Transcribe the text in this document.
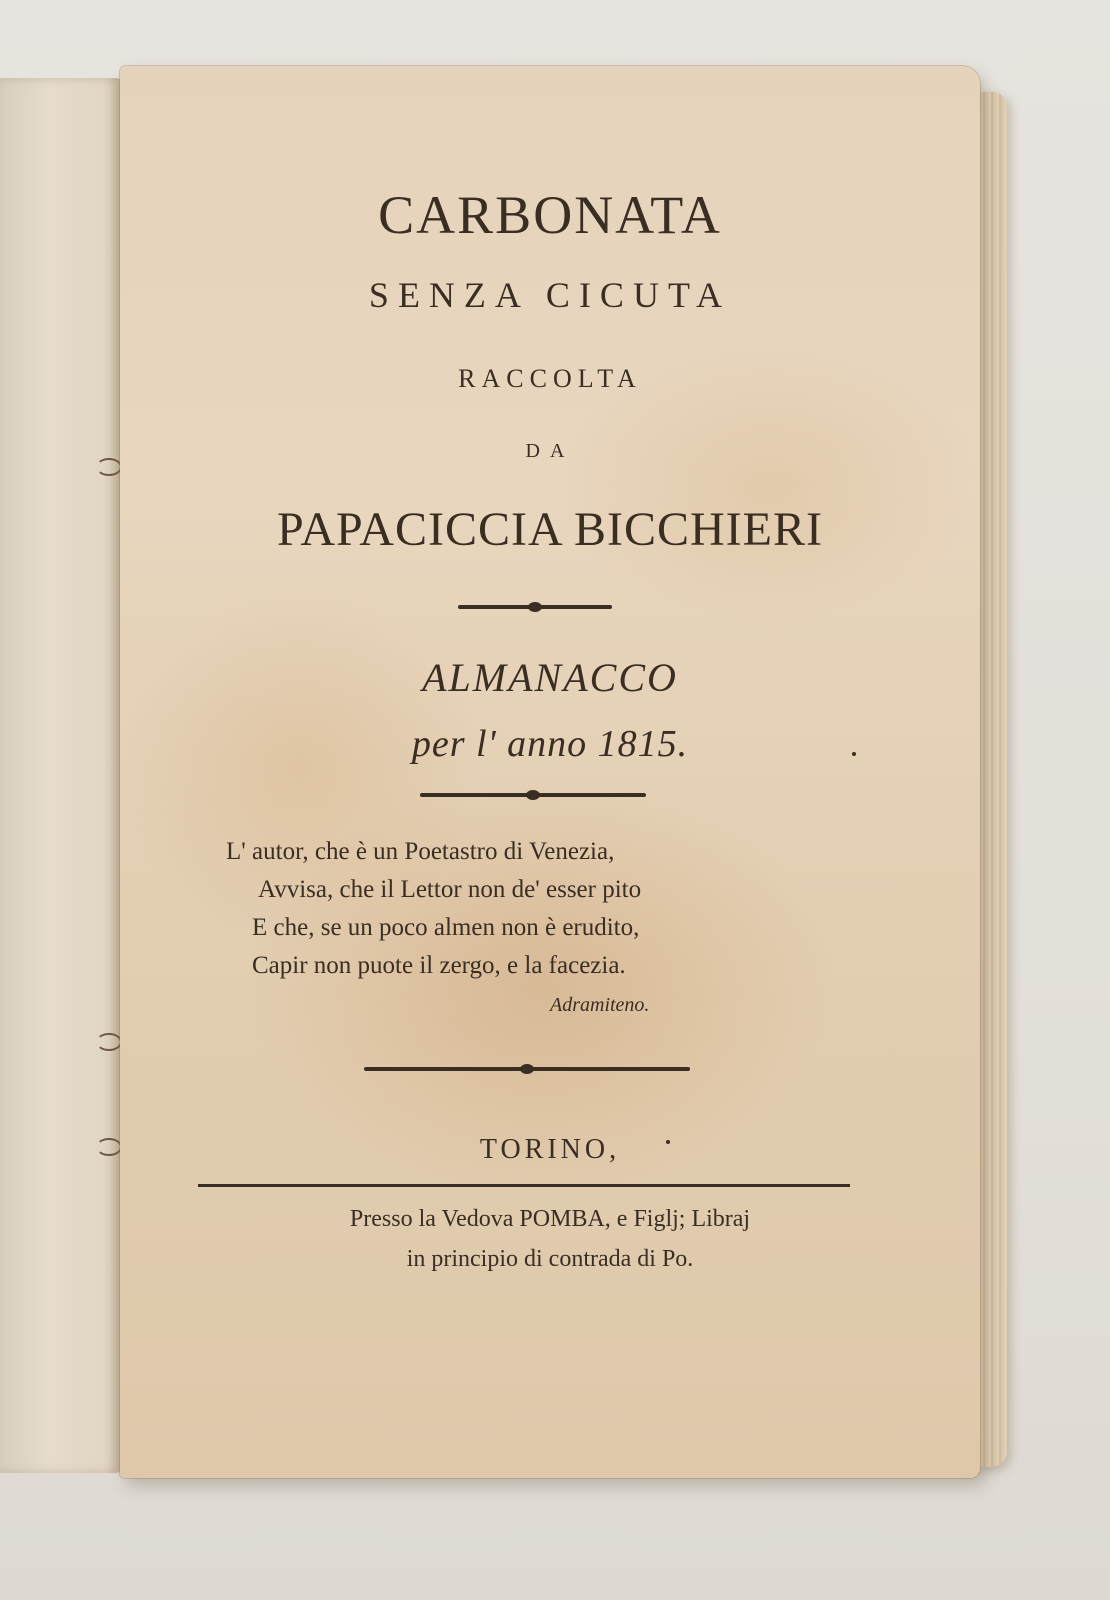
CARBONATA
SENZA CICUTA
RACCOLTA
DA
PAPACICCIA BICCHIERI
ALMANACCO
per l' anno 1815.
L' autor, che è un Poetastro di Venezia,
Avvisa, che il Lettor non de' esser pito
E che, se un poco almen non è erudito,
Capir non puote il zergo, e la facezia.
Adramiteno.
TORINO,
Presso la Vedova POMBA, e Figlj; Libraj
in principio di contrada di Po.
